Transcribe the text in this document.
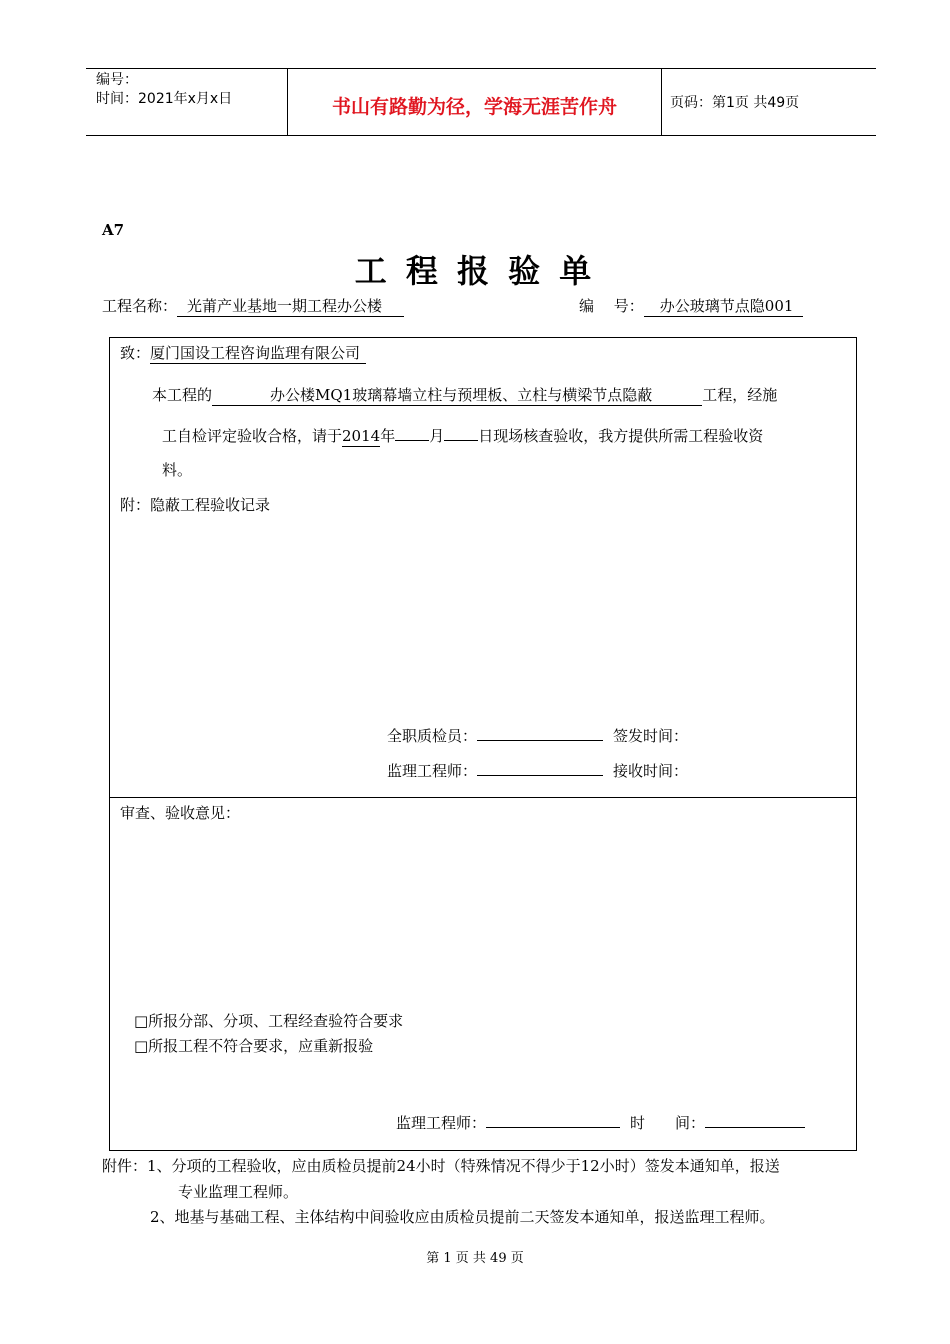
编号：
时间：2021年x月x日	书山有路勤为径，学海无涯苦作舟	页码：第1页 共49页
A7
工 程 报 验 单
工程名称： 光莆产业基地一期工程办公楼	编　 号： 办公玻璃节点隐001
致：厦门国设工程咨询监理有限公司
本工程的	办公楼MQ1玻璃幕墙立柱与预埋板、立柱与横梁节点隐蔽	工程，经施
工自检评定验收合格，请于2014年 月 日现场核查验收，我方提供所需工程验收资
料。
附：隐蔽工程验收记录
全职质检员：	签发时间：
监理工程师：	接收时间：
审查、验收意见：
□所报分部、分项、工程经查验符合要求
□所报工程不符合要求，应重新报验
监理工程师：	时　　间：
附件：1、分项的工程验收，应由质检员提前24小时（特殊情况不得少于12小时）签发本通知单，报送
专业监理工程师。
2、地基与基础工程、主体结构中间验收应由质检员提前二天签发本通知单，报送监理工程师。
第 1 页 共 49 页
